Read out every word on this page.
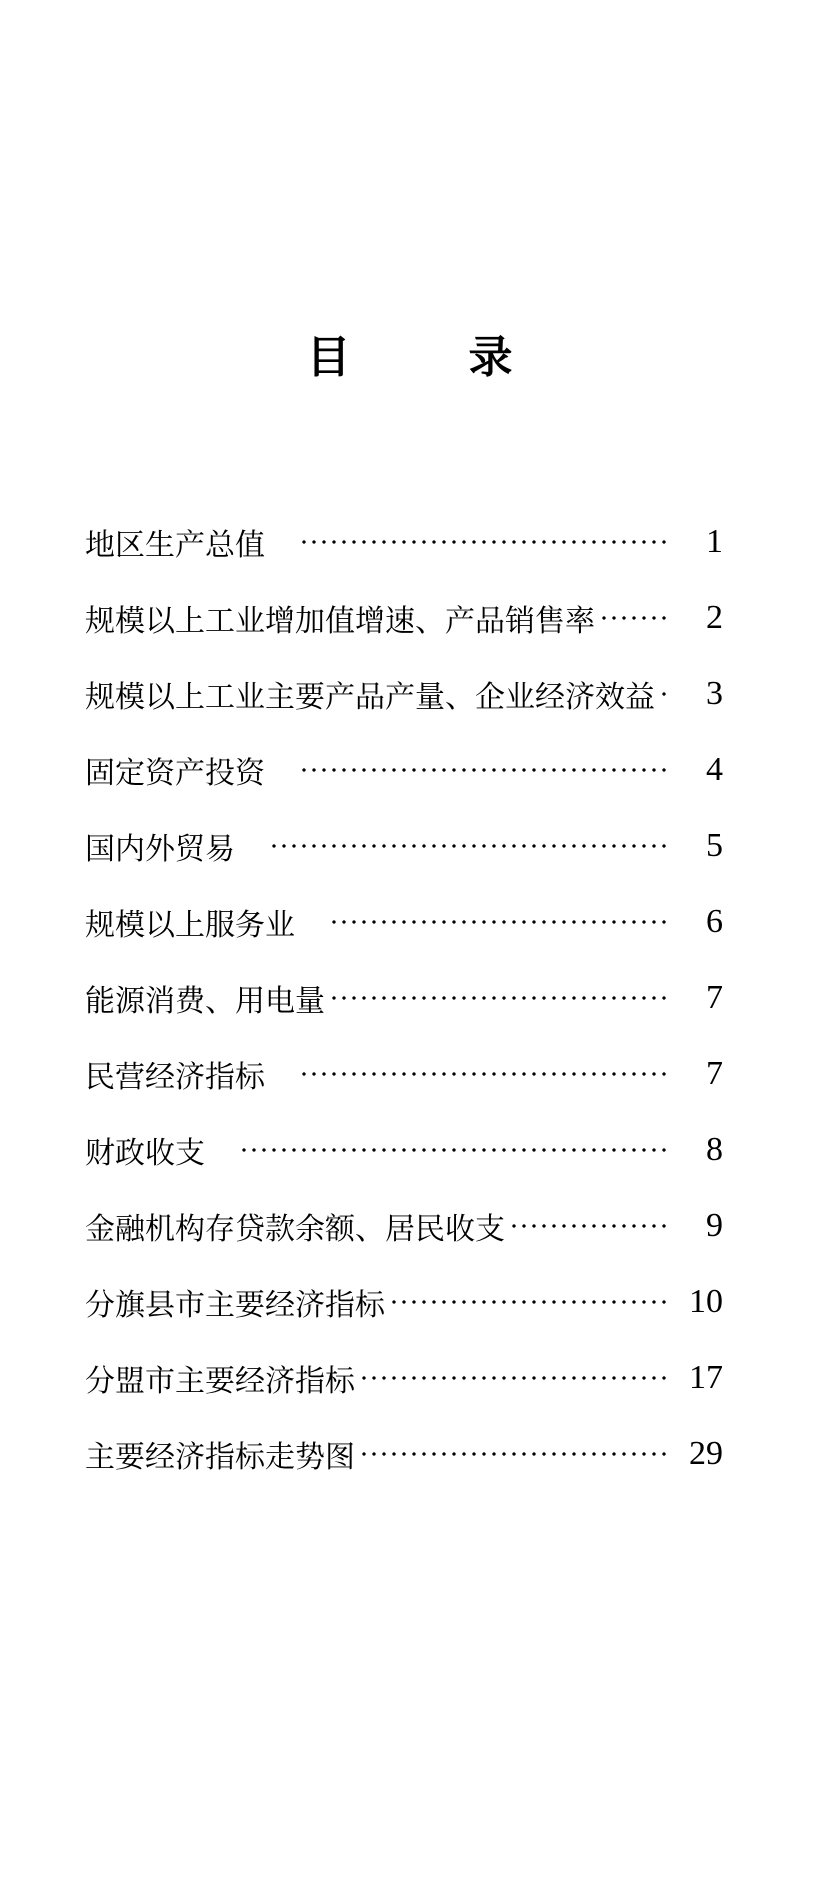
目	录
地区生产总值　	1
规模以上工业增加值增速、产品销售率	2
规模以上工业主要产品产量、企业经济效益	3
固定资产投资　	4
国内外贸易　	5
规模以上服务业　	6
能源消费、用电量	7
民营经济指标　	7
财政收支　	8
金融机构存贷款余额、居民收支	9
分旗县市主要经济指标	10
分盟市主要经济指标	17
主要经济指标走势图	29
